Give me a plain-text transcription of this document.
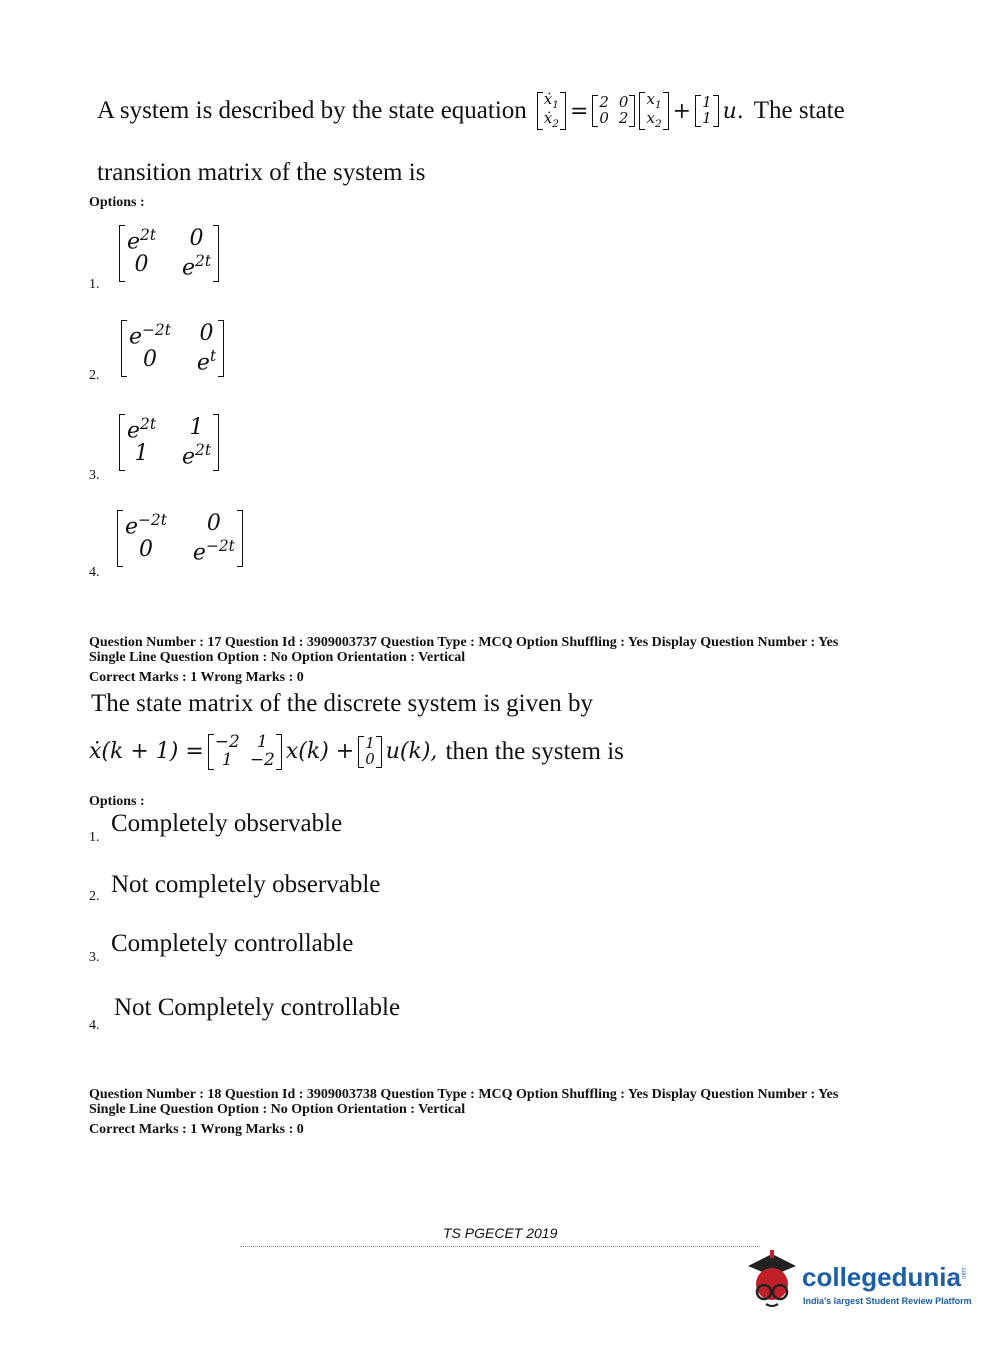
A system is described by the state equation ẋ$_1$
ẋ$_2$
= 2 0
0 2
$x_1$
$x_2$
+ 1
1 u. The state
transition matrix of the system is
Options :
$e^{2t}$	0
0	$e^{2t}$
1.
$e^{-2t}$ 0
0	$e^t$
2.
$e^{2t}$	1
1	$e^{2t}$
3.
$e^{-2t}$	0
0	$e^{-2t}$
4.
Question Number : 17 Question Id : 3909003737 Question Type : MCQ Option Shuffling : Yes Display Question Number : Yes
Single Line Question Option : No Option Orientation : Vertical
Correct Marks : 1 Wrong Marks : 0
The state matrix of the discrete system is given by
ẋ(k + 1) = −2	1
1	−2 x(k) + 1
0 u(k), then the system is
Options :
Completely observable
1.
Not completely observable
2.
Completely controllable
3.
Not Completely controllable
4.
Question Number : 18 Question Id : 3909003738 Question Type : MCQ Option Shuffling : Yes Display Question Number : Yes
Single Line Question Option : No Option Orientation : Vertical
Correct Marks : 1 Wrong Marks : 0
TS PGECET 2019
collegedunia .com
India's largest Student Review Platform
